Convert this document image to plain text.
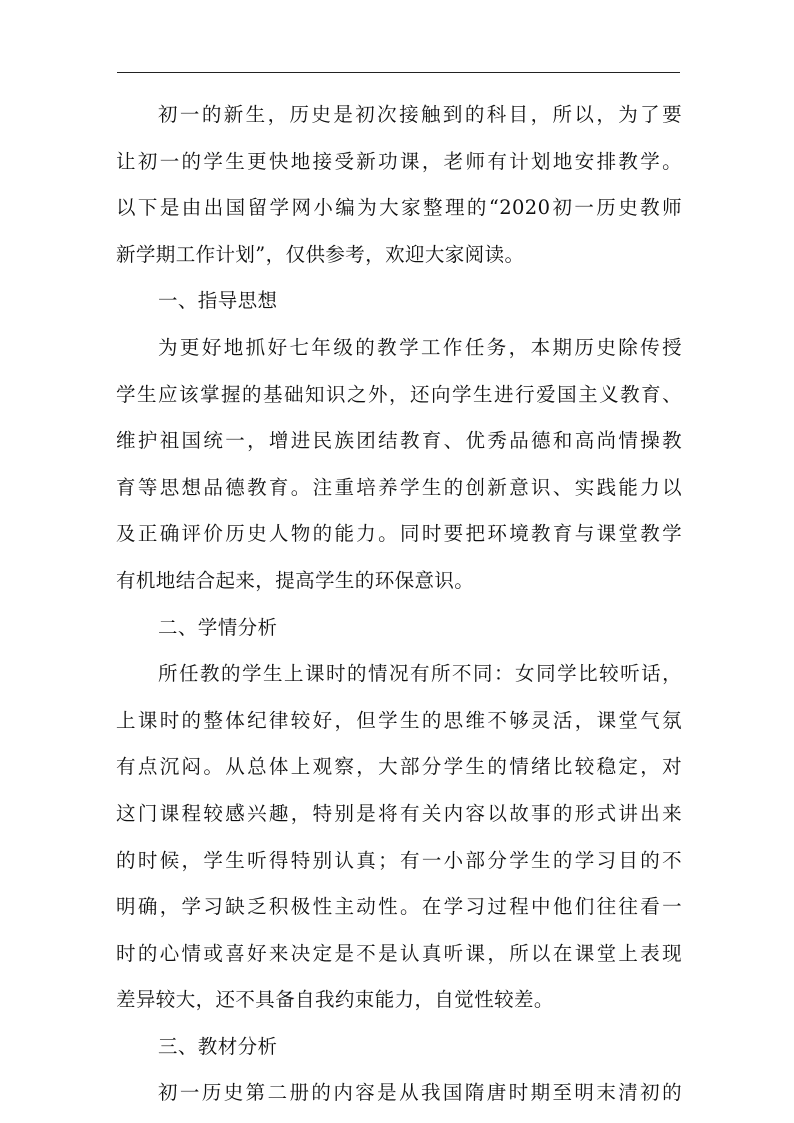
初一的新生，历史是初次接触到的科目，所以，为了要
让初一的学生更快地接受新功课，老师有计划地安排教学。
以下是由出国留学网小编为大家整理的“2020初一历史教师
新学期工作计划”，仅供参考，欢迎大家阅读。
一、指导思想
为更好地抓好七年级的教学工作任务，本期历史除传授
学生应该掌握的基础知识之外，还向学生进行爱国主义教育、
维护祖国统一，增进民族团结教育、优秀品德和高尚情操教
育等思想品德教育。注重培养学生的创新意识、实践能力以
及正确评价历史人物的能力。同时要把环境教育与课堂教学
有机地结合起来，提高学生的环保意识。
二、学情分析
所任教的学生上课时的情况有所不同：女同学比较听话，
上课时的整体纪律较好，但学生的思维不够灵活，课堂气氛
有点沉闷。从总体上观察，大部分学生的情绪比较稳定，对
这门课程较感兴趣，特别是将有关内容以故事的形式讲出来
的时候，学生听得特别认真；有一小部分学生的学习目的不
明确，学习缺乏积极性主动性。在学习过程中他们往往看一
时的心情或喜好来决定是不是认真听课，所以在课堂上表现
差异较大，还不具备自我约束能力，自觉性较差。
三、教材分析
初一历史第二册的内容是从我国隋唐时期至明末清初的
